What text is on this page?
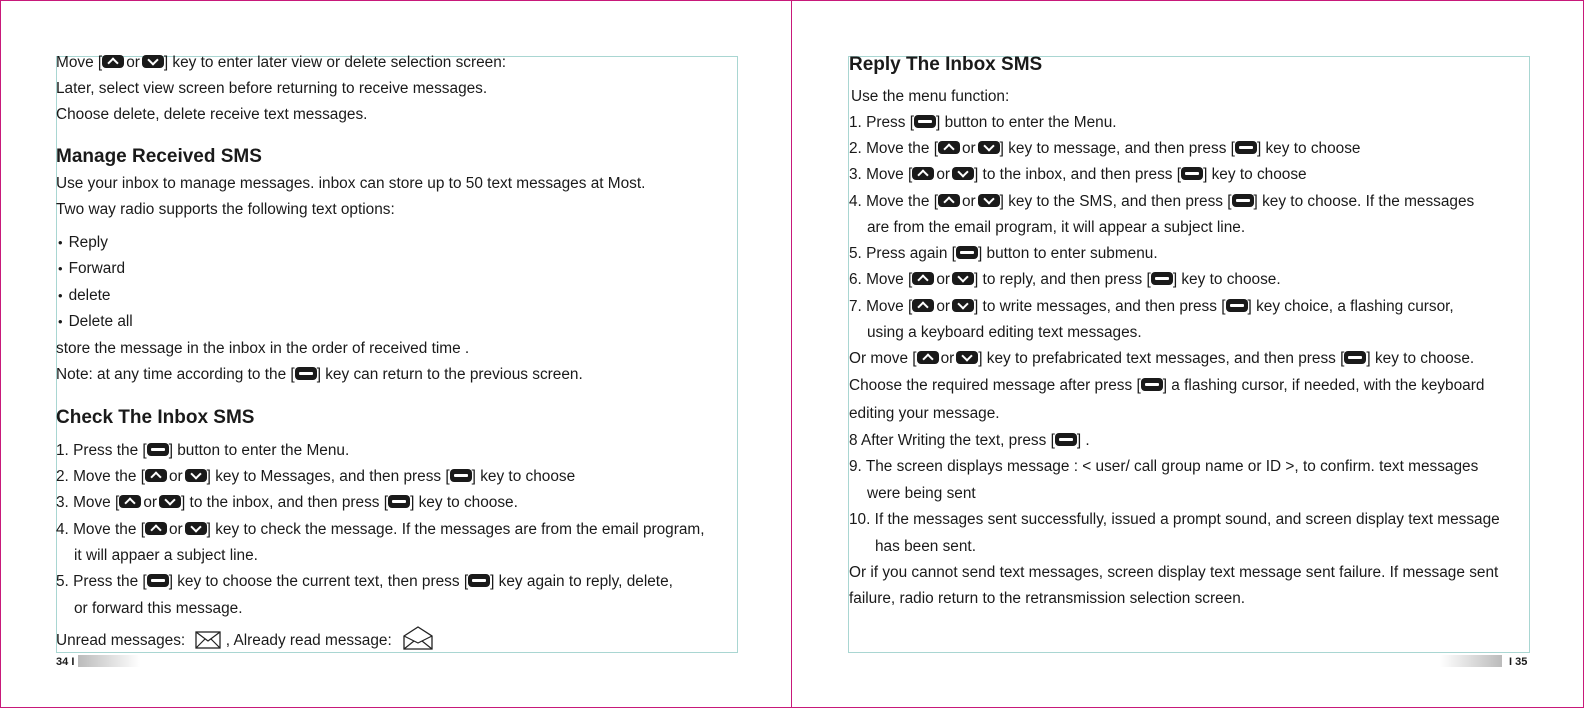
Move [ or ] key to enter later view or delete selection screen:
Later, select view screen before returning to receive messages.
Choose delete, delete receive text messages.
Manage Received SMS
Use your inbox to manage messages. inbox can store up to 50 text messages at Most.
Two way radio supports the following text options:
• Reply
• Forward
• delete
• Delete all
store the message in the inbox in the order of received time .
Note: at any time according to the [ ] key can return to the previous screen.
Check The Inbox SMS
1. Press the [ ] button to enter the Menu.
2. Move the [ or ] key to Messages, and then press [ ] key to choose
3. Move [ or ] to the inbox, and then press [ ] key to choose.
4. Move the [ or ] key to check the message. If the messages are from the email program,
it will appaer a subject line.
5. Press the [ ] key to choose the current text, then press [ ] key again to reply, delete,
or forward this message.
Unread messages:	, Already read message:
34 I
Reply The Inbox SMS
Use the menu function:
1. Press [ ] button to enter the Menu.
2. Move the [ or ] key to message, and then press [ ] key to choose
3. Move [ or ] to the inbox, and then press [ ] key to choose
4. Move the [ or ] key to the SMS, and then press [ ] key to choose. If the messages
are from the email program, it will appear a subject line.
5. Press again [ ] button to enter submenu.
6. Move [ or ] to reply, and then press [ ] key to choose.
7. Move [ or ] to write messages, and then press [ ] key choice, a flashing cursor,
using a keyboard editing text messages.
Or move [ or ] key to prefabricated text messages, and then press [ ] key to choose.
Choose the required message after press [ ] a flashing cursor, if needed, with the keyboard
editing your message.
8 After Writing the text, press [ ] .
9. The screen displays message : < user/ call group name or ID >, to confirm. text messages
were being sent
10. If the messages sent successfully, issued a prompt sound, and screen display text message
has been sent.
Or if you cannot send text messages, screen display text message sent failure. If message sent
failure, radio return to the retransmission selection screen.
I 35
